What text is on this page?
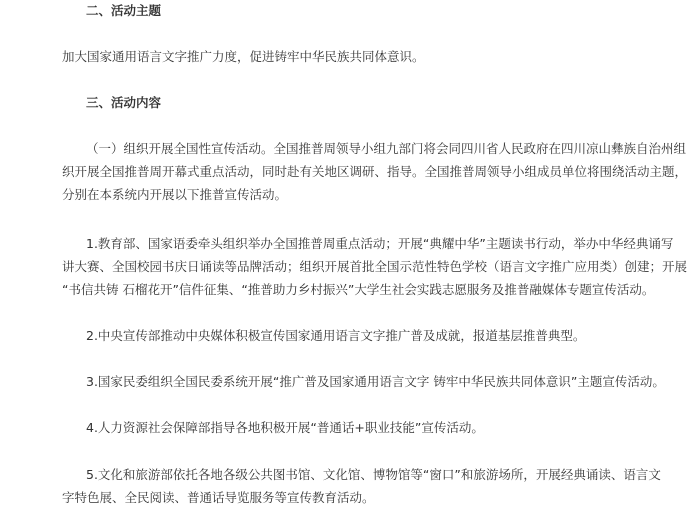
二、活动主题
加大国家通用语言文字推广力度，促进铸牢中华民族共同体意识。
三、活动内容
（一）组织开展全国性宣传活动。全国推普周领导小组九部门将会同四川省人民政府在四川凉山彝族自治州组
织开展全国推普周开幕式重点活动，同时赴有关地区调研、指导。全国推普周领导小组成员单位将围绕活动主题，
分别在本系统内开展以下推普宣传活动。
1.教育部、国家语委牵头组织举办全国推普周重点活动；开展“典耀中华”主题读书行动，举办中华经典诵写
讲大赛、全国校园书庆日诵读等品牌活动；组织开展首批全国示范性特色学校（语言文字推广应用类）创建；开展
“书信共铸 石榴花开”信件征集、“推普助力乡村振兴”大学生社会实践志愿服务及推普融媒体专题宣传活动。
2.中央宣传部推动中央媒体积极宣传国家通用语言文字推广普及成就，报道基层推普典型。
3.国家民委组织全国民委系统开展“推广普及国家通用语言文字 铸牢中华民族共同体意识”主题宣传活动。
4.人力资源社会保障部指导各地积极开展“普通话+职业技能”宣传活动。
5.文化和旅游部依托各地各级公共图书馆、文化馆、博物馆等“窗口”和旅游场所，开展经典诵读、语言文
字特色展、全民阅读、普通话导览服务等宣传教育活动。
